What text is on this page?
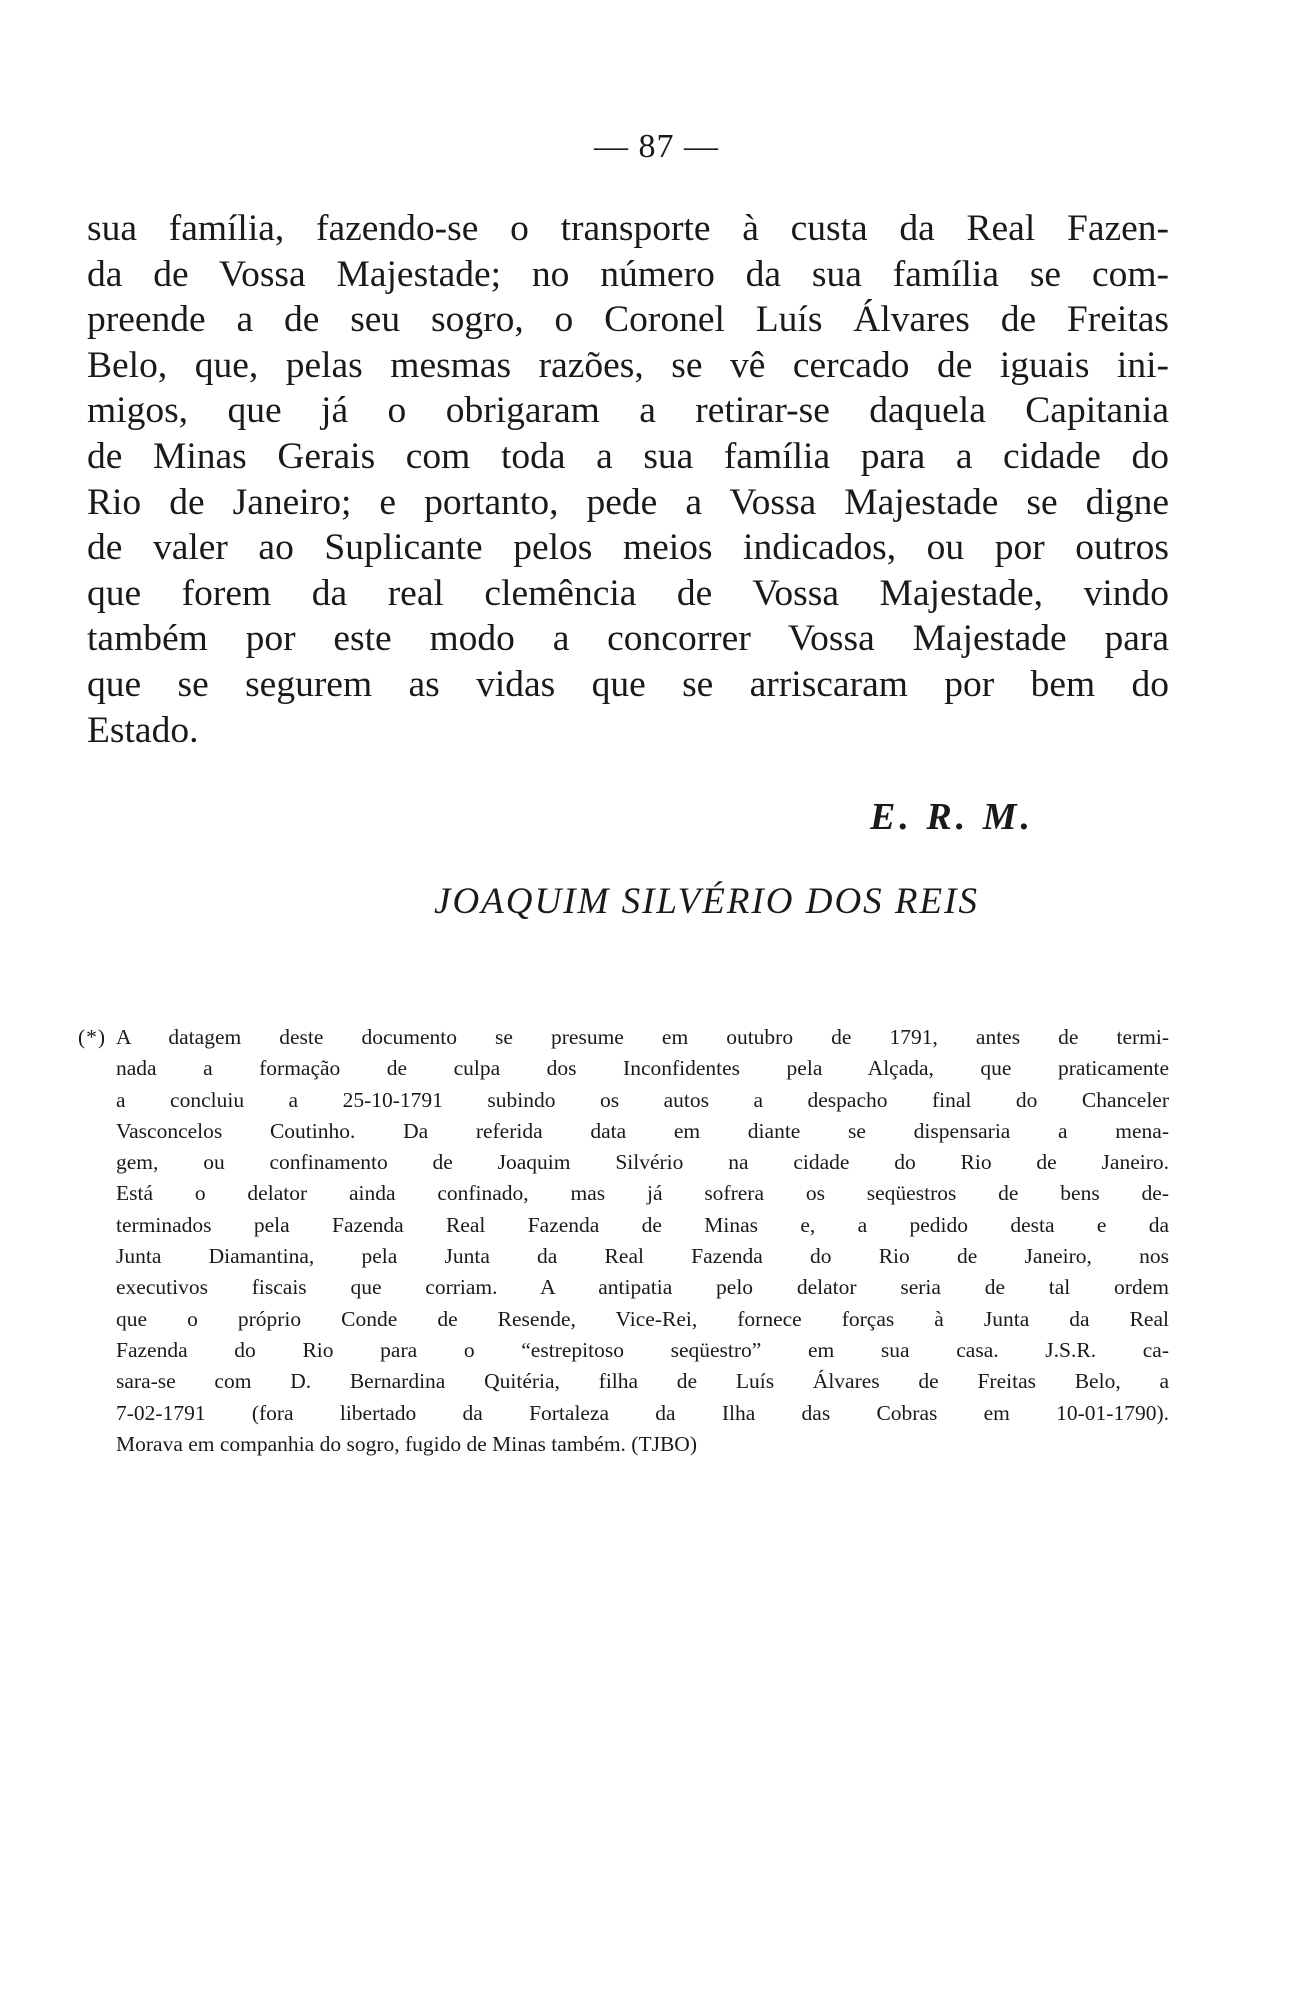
— 87 —
sua família, fazendo-se o transporte à custa da Real Fazen-
da de Vossa Majestade; no número da sua família se com-
preende a de seu sogro, o Coronel Luís Álvares de Freitas
Belo, que, pelas mesmas razões, se vê cercado de iguais ini-
migos, que já o obrigaram a retirar-se daquela Capitania
de Minas Gerais com toda a sua família para a cidade do
Rio de Janeiro; e portanto, pede a Vossa Majestade se digne
de valer ao Suplicante pelos meios indicados, ou por outros
que forem da real clemência de Vossa Majestade, vindo
também por este modo a concorrer Vossa Majestade para
que se segurem as vidas que se arriscaram por bem do
Estado.
E. R. M.
JOAQUIM SILVÉRIO DOS REIS
(*) A datagem deste documento se presume em outubro de 1791, antes de termi-
nada a formação de culpa dos Inconfidentes pela Alçada, que praticamente
a concluiu a 25-10-1791 subindo os autos a despacho final do Chanceler
Vasconcelos Coutinho. Da referida data em diante se dispensaria a mena-
gem, ou confinamento de Joaquim Silvério na cidade do Rio de Janeiro.
Está o delator ainda confinado, mas já sofrera os seqüestros de bens de-
terminados pela Fazenda Real Fazenda de Minas e, a pedido desta e da
Junta Diamantina, pela Junta da Real Fazenda do Rio de Janeiro, nos
executivos fiscais que corriam. A antipatia pelo delator seria de tal ordem
que o próprio Conde de Resende, Vice-Rei, fornece forças à Junta da Real
Fazenda do Rio para o “estrepitoso seqüestro” em sua casa. J.S.R. ca-
sara-se com D. Bernardina Quitéria, filha de Luís Álvares de Freitas Belo, a
7-02-1791 (fora libertado da Fortaleza da Ilha das Cobras em 10-01-1790).
Morava em companhia do sogro, fugido de Minas também. (TJBO)
